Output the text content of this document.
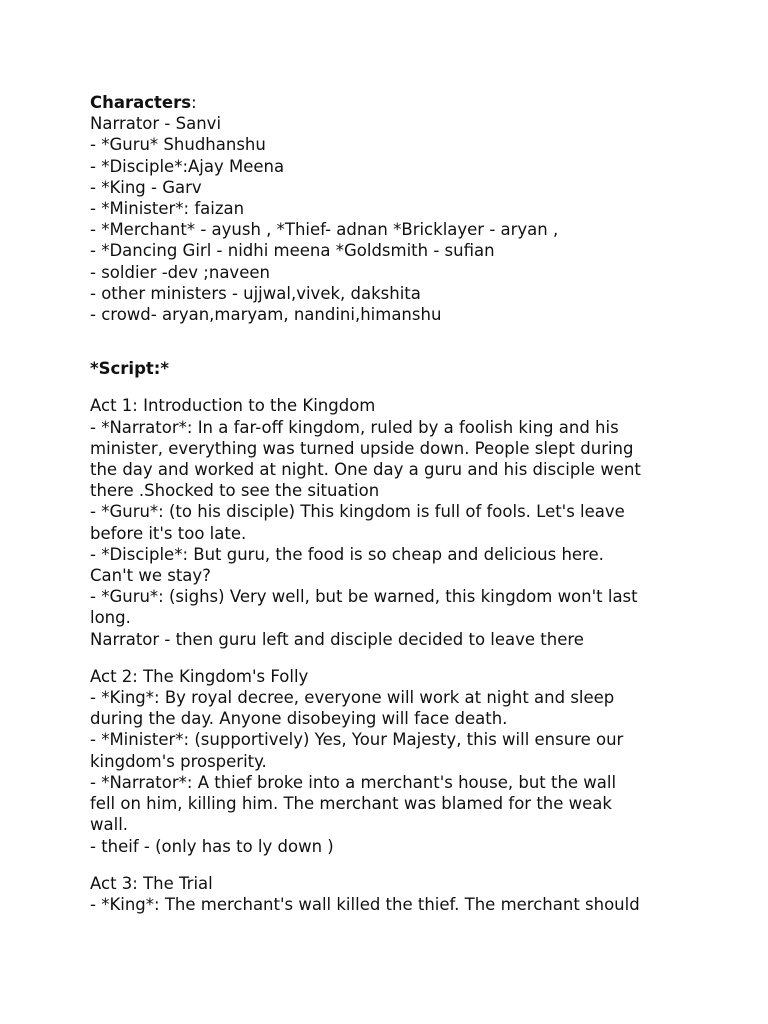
Characters:
Narrator - Sanvi
- *Guru* Shudhanshu
- *Disciple*:Ajay Meena
- *King - Garv
- *Minister*: faizan
- *Merchant* - ayush , *Thief- adnan *Bricklayer - aryan ,
- *Dancing Girl - nidhi meena *Goldsmith - sufian
- soldier -dev ;naveen
- other ministers - ujjwal,vivek, dakshita
- crowd- aryan,maryam, nandini,himanshu
*Script:*
Act 1: Introduction to the Kingdom
- *Narrator*: In a far-off kingdom, ruled by a foolish king and his
minister, everything was turned upside down. People slept during
the day and worked at night. One day a guru and his disciple went
there .Shocked to see the situation
- *Guru*: (to his disciple) This kingdom is full of fools. Let's leave
before it's too late.
- *Disciple*: But guru, the food is so cheap and delicious here.
Can't we stay?
- *Guru*: (sighs) Very well, but be warned, this kingdom won't last
long.
Narrator - then guru left and disciple decided to leave there
Act 2: The Kingdom's Folly
- *King*: By royal decree, everyone will work at night and sleep
during the day. Anyone disobeying will face death.
- *Minister*: (supportively) Yes, Your Majesty, this will ensure our
kingdom's prosperity.
- *Narrator*: A thief broke into a merchant's house, but the wall
fell on him, killing him. The merchant was blamed for the weak
wall.
- theif - (only has to ly down )
Act 3: The Trial
- *King*: The merchant's wall killed the thief. The merchant should
